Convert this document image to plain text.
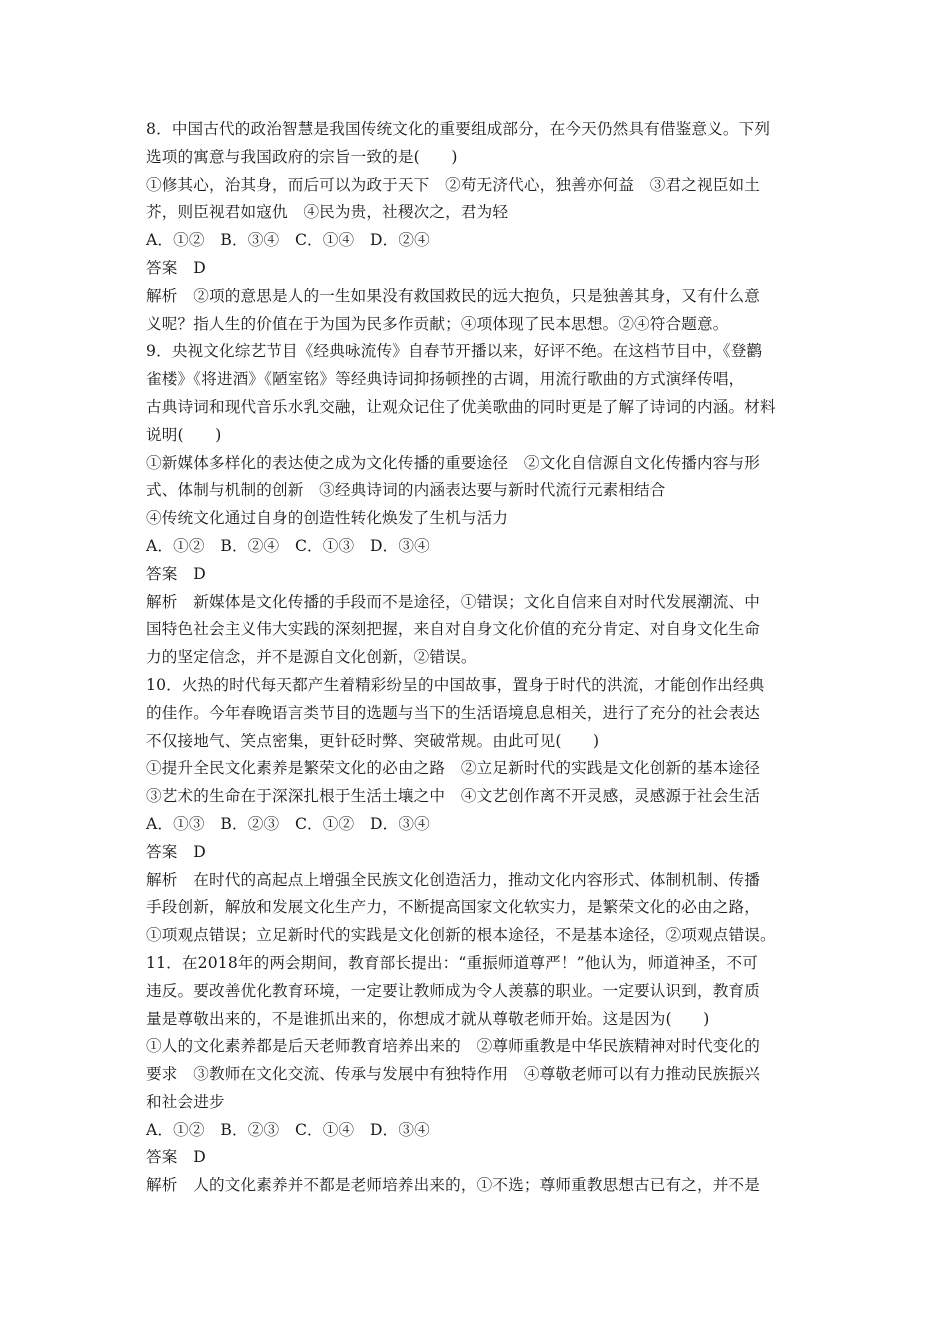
8．中国古代的政治智慧是我国传统文化的重要组成部分，在今天仍然具有借鉴意义。下列
选项的寓意与我国政府的宗旨一致的是(　　)
①修其心，治其身，而后可以为政于天下　②苟无济代心，独善亦何益　③君之视臣如土
芥，则臣视君如寇仇　④民为贵，社稷次之，君为轻
A．①②　B．③④　C．①④　D．②④
答案　D
解析　②项的意思是人的一生如果没有救国救民的远大抱负，只是独善其身，又有什么意
义呢？指人生的价值在于为国为民多作贡献；④项体现了民本思想。②④符合题意。
9．央视文化综艺节目《经典咏流传》自春节开播以来，好评不绝。在这档节目中，《登鹳
雀楼》《将进酒》《陋室铭》等经典诗词抑扬顿挫的古调，用流行歌曲的方式演绎传唱，
古典诗词和现代音乐水乳交融，让观众记住了优美歌曲的同时更是了解了诗词的内涵。材料
说明(　　)
①新媒体多样化的表达使之成为文化传播的重要途径　②文化自信源自文化传播内容与形
式、体制与机制的创新　③经典诗词的内涵表达要与新时代流行元素相结合
④传统文化通过自身的创造性转化焕发了生机与活力
A．①②　B．②④　C．①③　D．③④
答案　D
解析　新媒体是文化传播的手段而不是途径，①错误；文化自信来自对时代发展潮流、中
国特色社会主义伟大实践的深刻把握，来自对自身文化价值的充分肯定、对自身文化生命
力的坚定信念，并不是源自文化创新，②错误。
10．火热的时代每天都产生着精彩纷呈的中国故事，置身于时代的洪流，才能创作出经典
的佳作。今年春晚语言类节目的选题与当下的生活语境息息相关，进行了充分的社会表达
不仅接地气、笑点密集，更针砭时弊、突破常规。由此可见(　　)
①提升全民文化素养是繁荣文化的必由之路　②立足新时代的实践是文化创新的基本途径
③艺术的生命在于深深扎根于生活土壤之中　④文艺创作离不开灵感，灵感源于社会生活
A．①③　B．②③　C．①②　D．③④
答案　D
解析　在时代的高起点上增强全民族文化创造活力，推动文化内容形式、体制机制、传播
手段创新，解放和发展文化生产力，不断提高国家文化软实力，是繁荣文化的必由之路，
①项观点错误；立足新时代的实践是文化创新的根本途径，不是基本途径，②项观点错误。
11．在2018年的两会期间，教育部长提出：“重振师道尊严！”他认为，师道神圣，不可
违反。要改善优化教育环境，一定要让教师成为令人羡慕的职业。一定要认识到，教育质
量是尊敬出来的，不是谁抓出来的，你想成才就从尊敬老师开始。这是因为(　　)
①人的文化素养都是后天老师教育培养出来的　②尊师重教是中华民族精神对时代变化的
要求　③教师在文化交流、传承与发展中有独特作用　④尊敬老师可以有力推动民族振兴
和社会进步
A．①②　B．②③　C．①④　D．③④
答案　D
解析　人的文化素养并不都是老师培养出来的，①不选；尊师重教思想古已有之，并不是
